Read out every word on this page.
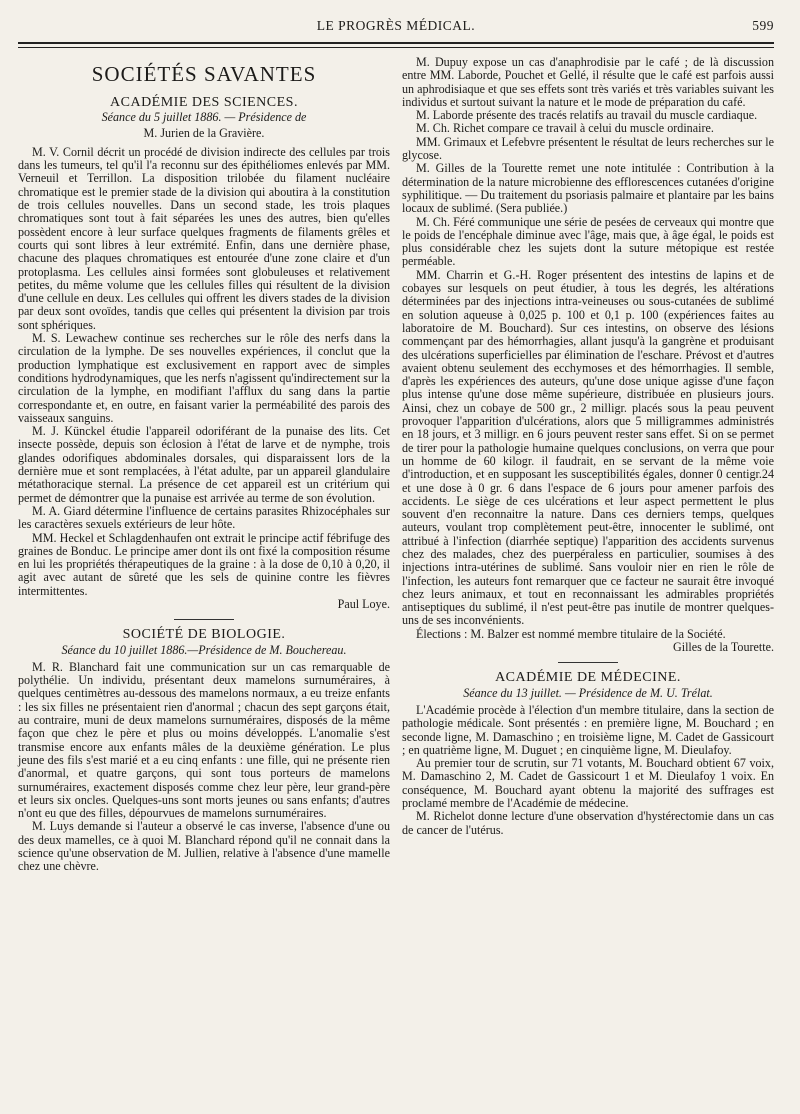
LE PROGRÈS MÉDICAL.	599
SOCIÉTÉS SAVANTES
ACADÉMIE DES SCIENCES.
Séance du 5 juillet 1886. — Présidence de
M. Jurien de la Gravière.

M. V. Cornil décrit un procédé de division indirecte des cellules par trois dans les tumeurs, tel qu'il l'a reconnu sur des épithéliomes enlevés par MM. Verneuil et Terrillon. La disposition trilobée du filament nucléaire chromatique est le premier stade de la division qui aboutira à la constitution de trois cellules nouvelles. Dans un second stade, les trois plaques chromatiques sont tout à fait séparées les unes des autres, bien qu'elles possèdent encore à leur surface quelques fragments de filaments grêles et courts qui sont libres à leur extrémité. Enfin, dans une dernière phase, chacune des plaques chromatiques est entourée d'une zone claire et d'un protoplasma. Les cellules ainsi formées sont globuleuses et relativement petites, du même volume que les cellules filles qui résultent de la division d'une cellule en deux. Les cellules qui offrent les divers stades de la division par deux sont ovoïdes, tandis que celles qui présentent la division par trois sont sphériques.

M. S. Lewachew continue ses recherches sur le rôle des nerfs dans la circulation de la lymphe. De ses nouvelles expériences, il conclut que la production lymphatique est exclusivement en rapport avec de simples conditions hydrodynamiques, que les nerfs n'agissent qu'indirectement sur la circulation de la lymphe, en modifiant l'afflux du sang dans la partie correspondante et, en outre, en faisant varier la perméabilité des parois des vaisseaux sanguins.

M. J. Künckel étudie l'appareil odoriférant de la punaise des lits. Cet insecte possède, depuis son éclosion à l'état de larve et de nymphe, trois glandes odorifiques abdominales dorsales, qui disparaissent lors de la dernière mue et sont remplacées, à l'état adulte, par un appareil glandulaire métathoracique sternal. La présence de cet appareil est un critérium qui permet de démontrer que la punaise est arrivée au terme de son évolution.

M. A. Giard détermine l'influence de certains parasites Rhizocéphales sur les caractères sexuels extérieurs de leur hôte.

MM. Heckel et Schlagdenhaufen ont extrait le principe actif fébrifuge des graines de Bonduc. Le principe amer dont ils ont fixé la composition résume en lui les propriétés thérapeutiques de la graine : à la dose de 0,10 à 0,20, il agit avec autant de sûreté que les sels de quinine contre les fièvres intermittentes.

Paul Loye.

SOCIÉTÉ DE BIOLOGIE.
Séance du 10 juillet 1886.—Présidence de M. Bouchereau.

M. R. Blanchard fait une communication sur un cas remarquable de polythélie. Un individu, présentant deux mamelons surnuméraires, à quelques centimètres au-dessous des mamelons normaux, a eu treize enfants : les six filles ne présentaient rien d'anormal ; chacun des sept garçons était, au contraire, muni de deux mamelons surnuméraires, disposés de la même façon que chez le père et plus ou moins développés. L'anomalie s'est transmise encore aux enfants mâles de la deuxième génération. Le plus jeune des fils s'est marié et a eu cinq enfants : une fille, qui ne présente rien d'anormal, et quatre garçons, qui sont tous porteurs de mamelons surnuméraires, exactement disposés comme chez leur père, leur grand-père et leurs six oncles. Quelques-uns sont morts jeunes ou sans enfants; d'autres n'ont eu que des filles, dépourvues de mamelons surnuméraires.

M. Luys demande si l'auteur a observé le cas inverse, l'absence d'une ou des deux mamelles, ce à quoi M. Blanchard répond qu'il ne connait dans la science qu'une observation de M. Jullien, relative à l'absence d'une mamelle chez une chèvre.

M. Dupuy expose un cas d'anaphrodisie par le café ; de là discussion entre MM. Laborde, Pouchet et Gellé, il résulte que le café est parfois aussi un aphrodisiaque et que ses effets sont très variés et très variables suivant les individus et surtout suivant la nature et le mode de préparation du café.

M. Laborde présente des tracés relatifs au travail du muscle cardiaque.

M. Ch. Richet compare ce travail à celui du muscle ordinaire.

MM. Grimaux et Lefebvre présentent le résultat de leurs recherches sur le glycose.

M. Gilles de la Tourette remet une note intitulée : Contribution à la détermination de la nature microbienne des efflorescences cutanées d'origine syphilitique. — Du traitement du psoriasis palmaire et plantaire par les bains locaux de sublimé. (Sera publiée.)

M. Ch. Féré communique une série de pesées de cerveaux qui montre que le poids de l'encéphale diminue avec l'âge, mais que, à âge égal, le poids est plus considérable chez les sujets dont la suture métopique est restée perméable.

MM. Charrin et G.-H. Roger présentent des intestins de lapins et de cobayes sur lesquels on peut étudier, à tous les degrés, les altérations déterminées par des injections intra-veineuses ou sous-cutanées de sublimé en solution aqueuse à 0,025 p. 100 et 0,1 p. 100 (expériences faites au laboratoire de M. Bouchard). Sur ces intestins, on observe des lésions commençant par des hémorrhagies, allant jusqu'à la gangrène et produisant des ulcérations superficielles par élimination de l'eschare. Prévost et d'autres avaient obtenu seulement des ecchymoses et des hémorrhagies. Il semble, d'après les expériences des auteurs, qu'une dose unique agisse d'une façon plus intense qu'une dose même supérieure, distribuée en plusieurs jours. Ainsi, chez un cobaye de 500 gr., 2 milligr. placés sous la peau peuvent provoquer l'apparition d'ulcérations, alors que 5 milligrammes administrés en 18 jours, et 3 milligr. en 6 jours peuvent rester sans effet. Si on se permet de tirer pour la pathologie humaine quelques conclusions, on verra que pour un homme de 60 kilogr. il faudrait, en se servant de la même voie d'introduction, et en supposant les susceptibilités égales, donner 0 centigr.24 et une dose à 0 gr. 6 dans l'espace de 6 jours pour amener parfois des accidents. Le siège de ces ulcérations et leur aspect permettent le plus souvent d'en reconnaitre la nature. Dans ces derniers temps, quelques auteurs, voulant trop complètement peut-être, innocenter le sublimé, ont attribué à l'infection (diarrhée septique) l'apparition des accidents survenus chez des malades, chez des puerpéraless en particulier, soumises à des injections intra-utérines de sublimé. Sans vouloir nier en rien le rôle de l'infection, les auteurs font remarquer que ce facteur ne saurait être invoqué chez leurs animaux, et tout en reconnaissant les admirables propriétés antiseptiques du sublimé, il n'est peut-être pas inutile de montrer quelques-uns de ses inconvénients.

Élections : M. Balzer est nommé membre titulaire de la Société.

Gilles de la Tourette.

ACADÉMIE DE MÉDECINE.
Séance du 13 juillet. — Présidence de M. U. Trélat.

L'Académie procède à l'élection d'un membre titulaire, dans la section de pathologie médicale. Sont présentés : en première ligne, M. Bouchard ; en seconde ligne, M. Damaschino ; en troisième ligne, M. Cadet de Gassicourt ; en quatrième ligne, M. Duguet ; en cinquième ligne, M. Dieulafoy.

Au premier tour de scrutin, sur 71 votants, M. Bouchard obtient 67 voix, M. Damaschino 2, M. Cadet de Gassicourt 1 et M. Dieulafoy 1 voix. En conséquence, M. Bouchard ayant obtenu la majorité des suffrages est proclamé membre de l'Académie de médecine.

M. Richelot donne lecture d'une observation d'hystérectomie dans un cas de cancer de l'utérus.
